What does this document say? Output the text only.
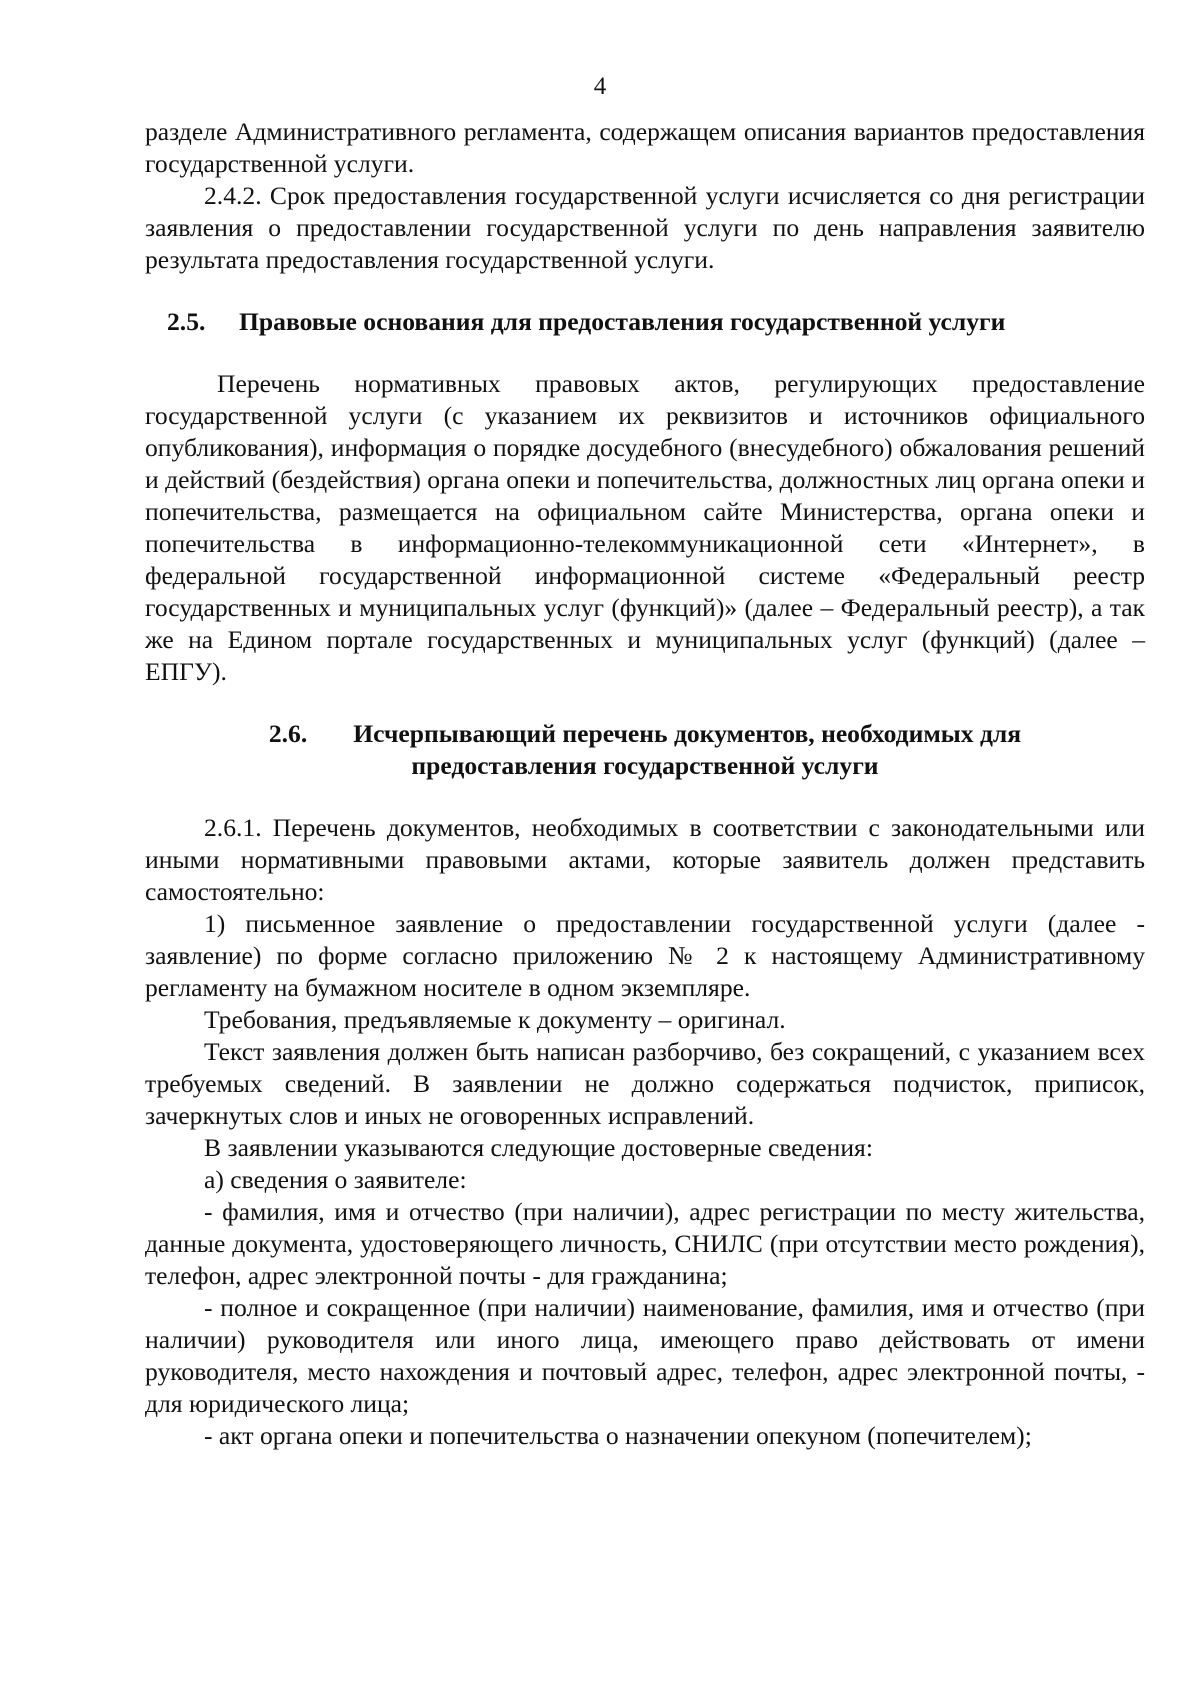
4

разделе Административного регламента, содержащем описания вариантов предоставления государственной услуги.

2.4.2. Срок предоставления государственной услуги исчисляется со дня регистрации заявления о предоставлении государственной услуги по день направления заявителю результата предоставления государственной услуги.

2.5.	Правовые основания для предоставления государственной услуги

Перечень нормативных правовых актов, регулирующих предоставление государственной услуги (с указанием их реквизитов и источников официального опубликования), информация о порядке досудебного (внесудебного) обжалования решений и действий (бездействия) органа опеки и попечительства, должностных лиц органа опеки и попечительства, размещается на официальном сайте Министерства, органа опеки и попечительства в информационно-телекоммуникационной сети «Интернет», в федеральной государственной информационной системе «Федеральный реестр государственных и муниципальных услуг (функций)» (далее – Федеральный реестр), а так же на Едином портале государственных и муниципальных услуг (функций) (далее – ЕПГУ).

2.6. Исчерпывающий перечень документов, необходимых для
предоставления государственной услуги

2.6.1. Перечень документов, необходимых в соответствии с законодательными или иными нормативными правовыми актами, которые заявитель должен представить самостоятельно:

1) письменное заявление о предоставлении государственной услуги (далее - заявление) по форме согласно приложению № 2 к настоящему Административному регламенту на бумажном носителе в одном экземпляре.

Требования, предъявляемые к документу – оригинал.

Текст заявления должен быть написан разборчиво, без сокращений, с указанием всех требуемых сведений. В заявлении не должно содержаться подчисток, приписок, зачеркнутых слов и иных не оговоренных исправлений.

В заявлении указываются следующие достоверные сведения:

а) сведения о заявителе:

- фамилия, имя и отчество (при наличии), адрес регистрации по месту жительства, данные документа, удостоверяющего личность, СНИЛС (при отсутствии место рождения), телефон, адрес электронной почты - для гражданина;

- полное и сокращенное (при наличии) наименование, фамилия, имя и отчество (при наличии) руководителя или иного лица, имеющего право действовать от имени руководителя, место нахождения и почтовый адрес, телефон, адрес электронной почты, - для юридического лица;

- акт органа опеки и попечительства о назначении опекуном (попечителем);
